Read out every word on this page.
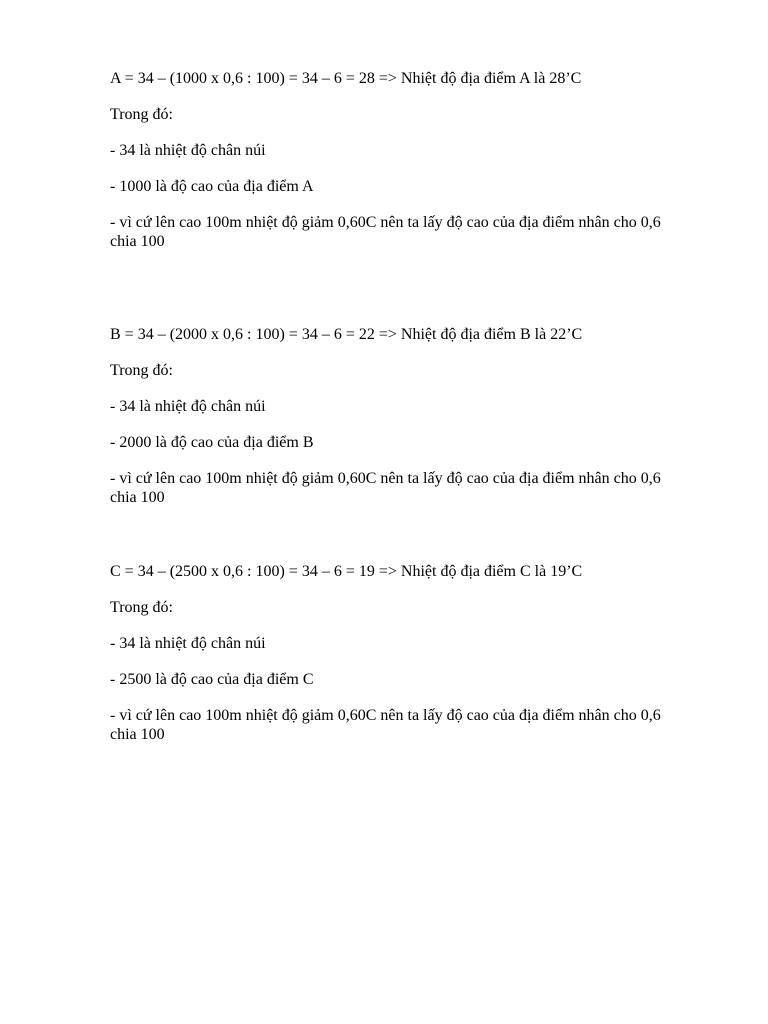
A = 34 – (1000 x 0,6 : 100) = 34 – 6 = 28 => Nhiệt độ địa điểm A là 28’C

Trong đó:

- 34 là nhiệt độ chân núi

- 1000 là độ cao của địa điểm A

- vì cứ lên cao 100m nhiệt độ giảm 0,60C nên ta lấy độ cao của địa điểm nhân cho 0,6 chia 100

B = 34 – (2000 x 0,6 : 100) = 34 – 6 = 22 => Nhiệt độ địa điểm B là 22’C

Trong đó:

- 34 là nhiệt độ chân núi

- 2000 là độ cao của địa điểm B

- vì cứ lên cao 100m nhiệt độ giảm 0,60C nên ta lấy độ cao của địa điểm nhân cho 0,6 chia 100

C = 34 – (2500 x 0,6 : 100) = 34 – 6 = 19 => Nhiệt độ địa điểm C là 19’C

Trong đó:

- 34 là nhiệt độ chân núi

- 2500 là độ cao của địa điểm C

- vì cứ lên cao 100m nhiệt độ giảm 0,60C nên ta lấy độ cao của địa điểm nhân cho 0,6 chia 100
